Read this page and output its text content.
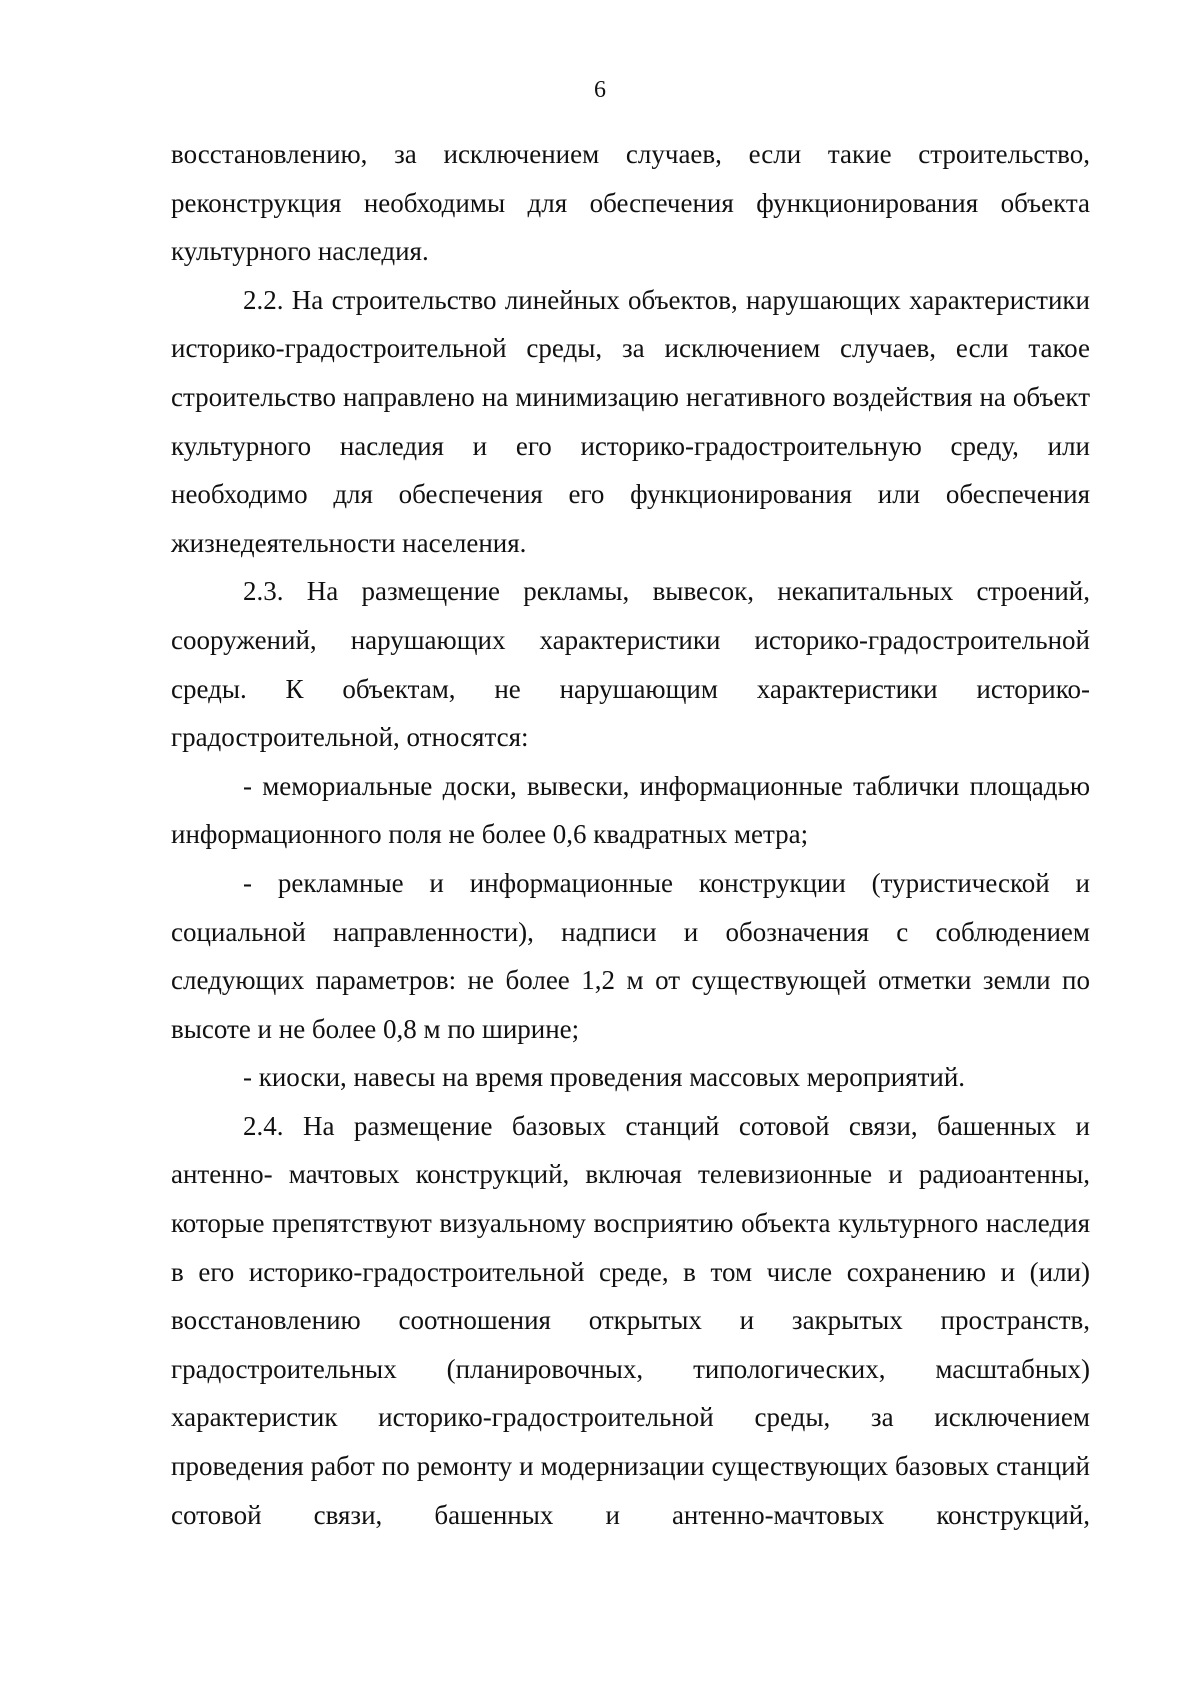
6

восстановлению, за исключением случаев, если такие строительство, реконструкция необходимы для обеспечения функционирования объекта культурного наследия.

2.2. На строительство линейных объектов, нарушающих характеристики историко-градостроительной среды, за исключением случаев, если такое строительство направлено на минимизацию негативного воздействия на объект культурного наследия и его историко-градостроительную среду, или необходимо для обеспечения его функционирования или обеспечения жизнедеятельности населения.

2.3. На размещение рекламы, вывесок, некапитальных строений, сооружений, нарушающих характеристики историко-градостроительной среды. К объектам, не нарушающим характеристики историко-градостроительной, относятся:

- мемориальные доски, вывески, информационные таблички площадью информационного поля не более 0,6 квадратных метра;

- рекламные и информационные конструкции (туристической и социальной направленности), надписи и обозначения с соблюдением следующих параметров: не более 1,2 м от существующей отметки земли по высоте и не более 0,8 м по ширине;

- киоски, навесы на время проведения массовых мероприятий.

2.4. На размещение базовых станций сотовой связи, башенных и антенно- мачтовых конструкций, включая телевизионные и радиоантенны, которые препятствуют визуальному восприятию объекта культурного наследия в его историко-градостроительной среде, в том числе сохранению и (или) восстановлению соотношения открытых и закрытых пространств, градостроительных (планировочных, типологических, масштабных) характеристик историко-градостроительной среды, за исключением проведения работ по ремонту и модернизации существующих базовых станций сотовой связи, башенных и антенно-мачтовых конструкций,
